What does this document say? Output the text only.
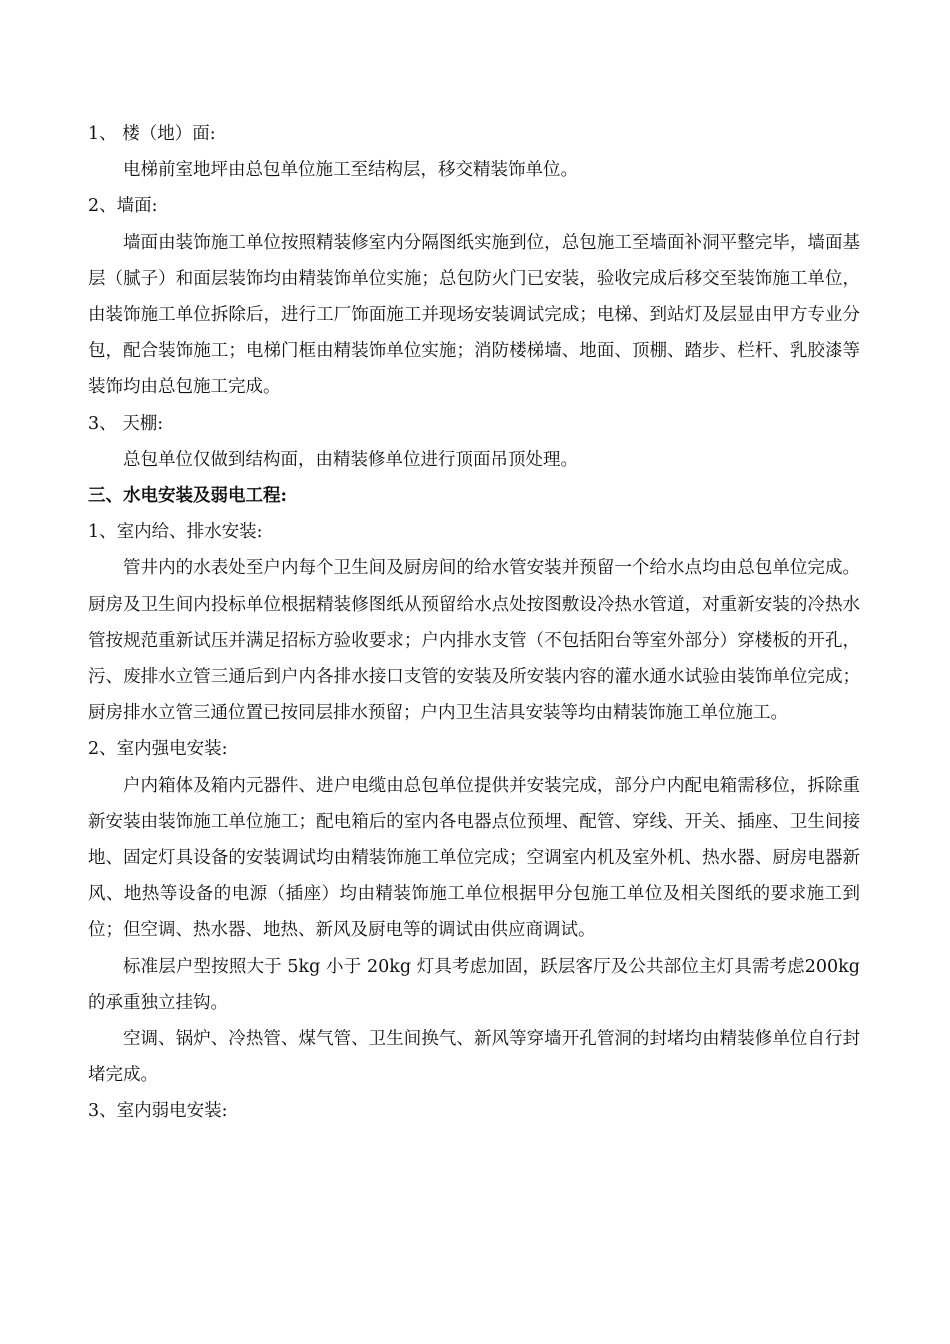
1、 楼（地）面:

电梯前室地坪由总包单位施工至结构层，移交精装饰单位。

2、墙面:

墙面由装饰施工单位按照精装修室内分隔图纸实施到位，总包施工至墙面补洞平整完毕，墙面基层（腻子）和面层装饰均由精装饰单位实施；总包防火门已安装，验收完成后移交至装饰施工单位，由装饰施工单位拆除后，进行工厂饰面施工并现场安装调试完成；电梯、到站灯及层显由甲方专业分包，配合装饰施工；电梯门框由精装饰单位实施；消防楼梯墙、地面、顶棚、踏步、栏杆、乳胶漆等装饰均由总包施工完成。

3、 天棚:

总包单位仅做到结构面，由精装修单位进行顶面吊顶处理。

三、水电安装及弱电工程:

1、室内给、排水安装:

管井内的水表处至户内每个卫生间及厨房间的给水管安装并预留一个给水点均由总包单位完成。厨房及卫生间内投标单位根据精装修图纸从预留给水点处按图敷设冷热水管道，对重新安装的冷热水管按规范重新试压并满足招标方验收要求；户内排水支管（不包括阳台等室外部分）穿楼板的开孔，污、废排水立管三通后到户内各排水接口支管的安装及所安装内容的灌水通水试验由装饰单位完成；厨房排水立管三通位置已按同层排水预留；户内卫生洁具安装等均由精装饰施工单位施工。

2、室内强电安装:

户内箱体及箱内元器件、进户电缆由总包单位提供并安装完成，部分户内配电箱需移位，拆除重新安装由装饰施工单位施工；配电箱后的室内各电器点位预埋、配管、穿线、开关、插座、卫生间接地、固定灯具设备的安装调试均由精装饰施工单位完成；空调室内机及室外机、热水器、厨房电器新风、地热等设备的电源（插座）均由精装饰施工单位根据甲分包施工单位及相关图纸的要求施工到位；但空调、热水器、地热、新风及厨电等的调试由供应商调试。

标准层户型按照大于 5kg 小于 20kg 灯具考虑加固，跃层客厅及公共部位主灯具需考虑200kg 的承重独立挂钩。

空调、锅炉、冷热管、煤气管、卫生间换气、新风等穿墙开孔管洞的封堵均由精装修单位自行封堵完成。

3、室内弱电安装:
